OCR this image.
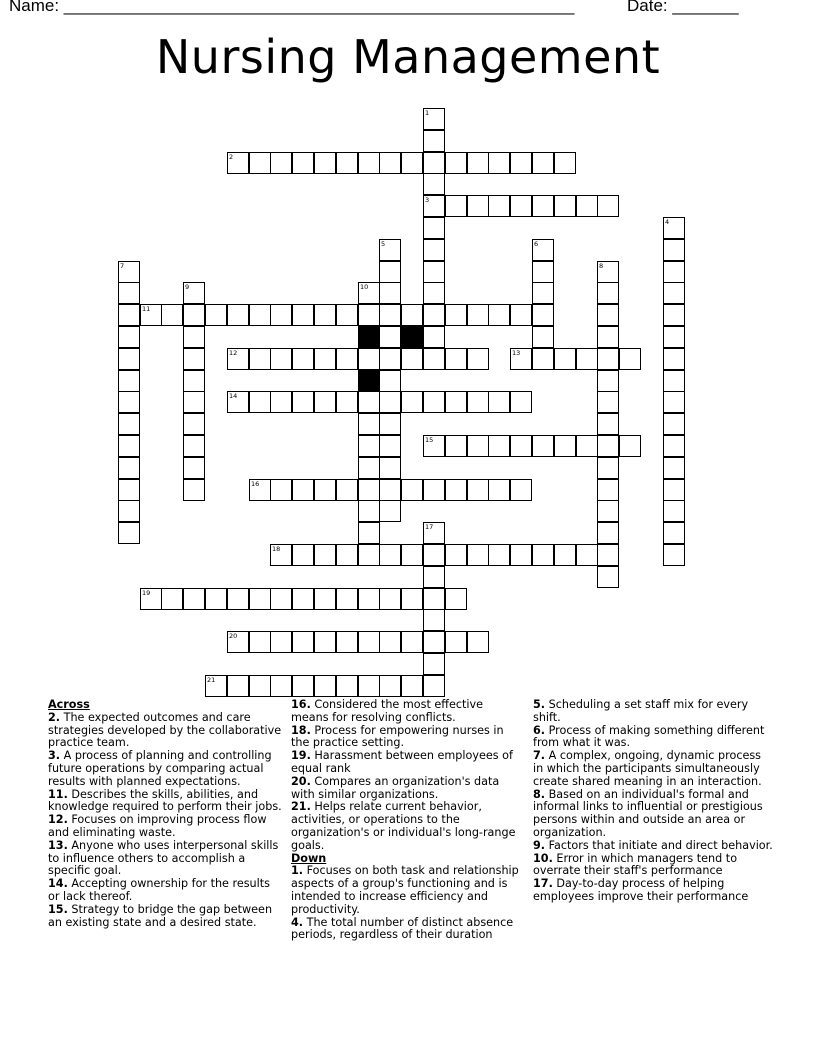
Name: ______________________________________________________	Date: _______
Nursing Management
1
3
2
4
5	6
7	8
9	10
11
12	13
14
15
16
17
18
19
20
21
Across
2. The expected outcomes and care strategies developed by the collaborative practice team.
3. A process of planning and controlling future operations by comparing actual results with planned expectations.
11. Describes the skills, abilities, and knowledge required to perform their jobs.
12. Focuses on improving process flow and eliminating waste.
13. Anyone who uses interpersonal skills to influence others to accomplish a specific goal.
14. Accepting ownership for the results or lack thereof.
15. Strategy to bridge the gap between an existing state and a desired state.
16. Considered the most effective means for resolving conflicts.
18. Process for empowering nurses in the practice setting.
19. Harassment between employees of equal rank
20. Compares an organization's data with similar organizations.
21. Helps relate current behavior, activities, or operations to the organization's or individual's long-range goals.
Down
1. Focuses on both task and relationship aspects of a group's functioning and is intended to increase efficiency and productivity.
4. The total number of distinct absence periods, regardless of their duration
5. Scheduling a set staff mix for every shift.
6. Process of making something different from what it was.
7. A complex, ongoing, dynamic process in which the participants simultaneously create shared meaning in an interaction.
8. Based on an individual's formal and informal links to influential or prestigious persons within and outside an area or organization.
9. Factors that initiate and direct behavior.
10. Error in which managers tend to overrate their staff's performance
17. Day-to-day process of helping employees improve their performance
